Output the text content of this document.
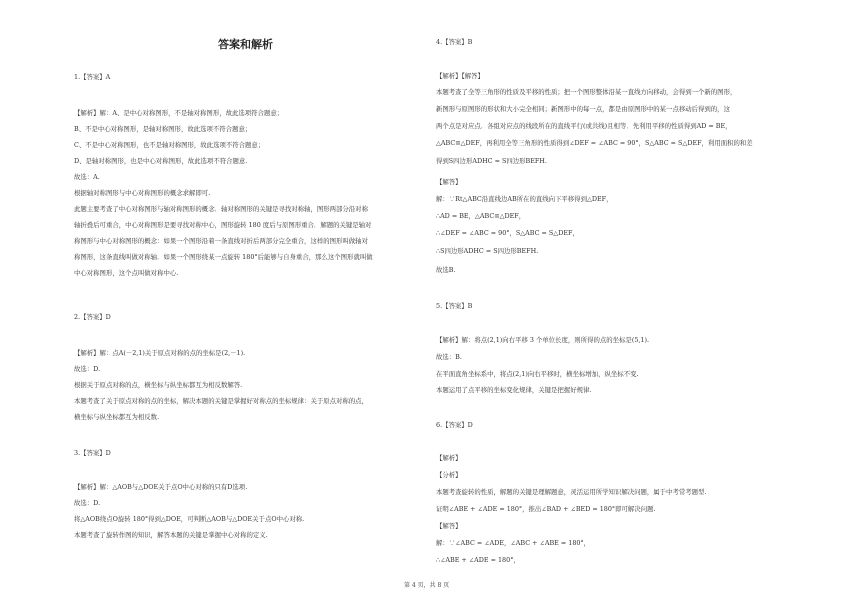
答案和解析
1.【答案】A
【解析】解：A、是中心对称图形，不是轴对称图形，故此选项符合题意；
B、不是中心对称图形，是轴对称图形，故此选项不符合题意；
C、不是中心对称图形，也不是轴对称图形，故此选项不符合题意；
D、是轴对称图形，也是中心对称图形，故此选项不符合题意.
故选：A.
根据轴对称图形与中心对称图形的概念求解即可.
此题主要考查了中心对称图形与轴对称图形的概念．轴对称图形的关键是寻找对称轴，图形两部分沿对称
轴折叠后可重合，中心对称图形是要寻找对称中心，图形旋转 180 度后与原图形重合．解题的关键是轴对
称图形与中心对称图形的概念：如果一个图形沿着一条直线对折后两部分完全重合，这样的图形叫做轴对
称图形，这条直线叫做对称轴．如果一个图形绕某一点旋转 180°后能够与自身重合，那么这个图形就叫做
中心对称图形，这个点叫做对称中心.
2.【答案】D
【解析】解：点A(－2,1)关于原点对称的点的坐标是(2,－1).
故选：D.
根据关于原点对称的点，横坐标与纵坐标都互为相反数解答.
本题考查了关于原点对称的点的坐标，解决本题的关键是掌握好对称点的坐标规律：关于原点对称的点，
横坐标与纵坐标都互为相反数.
3.【答案】D
【解析】解：△AOB与△DOE关于点O中心对称的只有D选项.
故选：D.
将△AOB绕点O旋转 180°得到△DOE，可判断△AOB与△DOE关于点O中心对称.
本题考查了旋转作图的知识，解答本题的关键是掌握中心对称的定义.
4.【答案】B
【解析】【解答】
本题考查了全等三角形的性质及平移的性质；把一个图形整体沿某一直线方向移动，会得到一个新的图形，
新图形与原图形的形状和大小完全相同；新图形中的每一点，都是由原图形中的某一点移动后得到的，这
两个点是对应点．各组对应点的线段所在的直线平行(或共线)且相等．先利用平移的性质得到AD = BE，
△ABC≌△DEF，再利用全等三角形的性质得到∠DEF = ∠ABC = 90°，S△ABC = S△DEF，利用面积的和差
得到S四边形ADHC = S四边形BEFH.
【解答】
解：∵Rt△ABC沿直线边AB所在的直线向下平移得到△DEF，
∴AD = BE，△ABC≌△DEF，
∴∠DEF = ∠ABC = 90°，S△ABC = S△DEF，
∴S四边形ADHC = S四边形BEFH.
故选B.
5.【答案】B
【解析】解：将点(2,1)向右平移 3 个单位长度，则所得的点的坐标是(5,1).
故选：B.
在平面直角坐标系中，将点(2,1)向右平移时，横坐标增加，纵坐标不变.
本题运用了点平移的坐标变化规律，关键是把握好规律.
6.【答案】D
【解析】
【分析】
本题考查旋转的性质，解题的关键是理解题意，灵活运用所学知识解决问题，属于中考常考题型.
证明∠ABE + ∠ADE = 180°，推出∠BAD + ∠BED = 180°即可解决问题.
【解答】
解：∵∠ABC = ∠ADE，∠ABC + ∠ABE = 180°，
∴∠ABE + ∠ADE = 180°，
第 4 页，共 8 页
